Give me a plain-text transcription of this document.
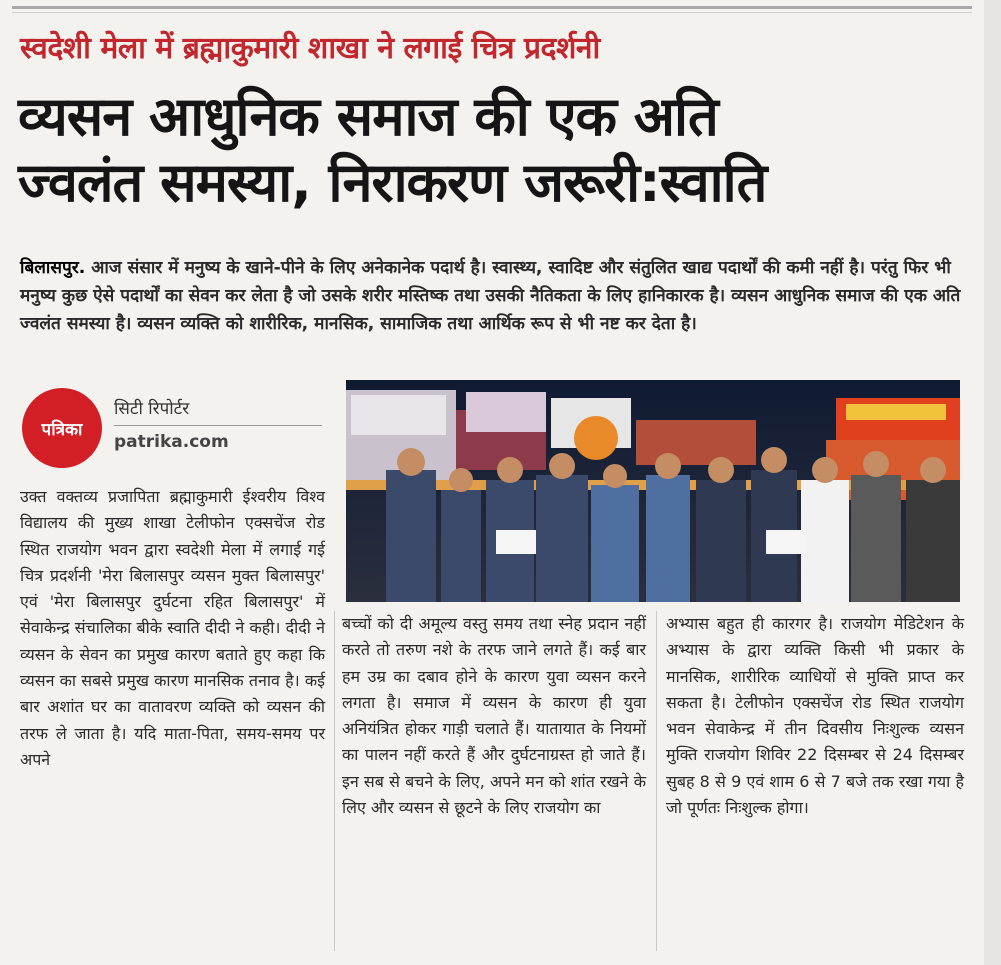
स्वदेशी मेला में ब्रह्माकुमारी शाखा ने लगाई चित्र प्रदर्शनी
व्यसन आधुनिक समाज की एक अति
ज्वलंत समस्या, निराकरण जरूरी:स्वाति
बिलासपुर. आज संसार में मनुष्य के खाने-पीने के लिए अनेकानेक पदार्थ है। स्वास्थ्य, स्वादिष्ट और संतुलित खाद्य पदार्थों की कमी नहीं है। परंतु फिर भी मनुष्य कुछ ऐसे पदार्थों का सेवन कर लेता है जो उसके शरीर मस्तिष्क तथा उसकी नैतिकता के लिए हानिकारक है। व्यसन आधुनिक समाज की एक अति ज्वलंत समस्या है। व्यसन व्यक्ति को शारीरिक, मानसिक, सामाजिक तथा आर्थिक रूप से भी नष्ट कर देता है।
पत्रिका
सिटी रिपोर्टर
patrika.com
उक्त वक्तव्य प्रजापिता ब्रह्माकुमारी ईश्वरीय विश्व विद्यालय की मुख्य शाखा टेलीफोन एक्सचेंज रोड स्थित राजयोग भवन द्वारा स्वदेशी मेला में लगाई गई चित्र प्रदर्शनी 'मेरा बिलासपुर व्यसन मुक्त बिलासपुर' एवं 'मेरा बिलासपुर दुर्घटना रहित बिलासपुर' में सेवाकेन्द्र संचालिका बीके स्वाति दीदी ने कही। दीदी ने व्यसन के सेवन का प्रमुख कारण बताते हुए कहा कि व्यसन का सबसे प्रमुख कारण मानसिक तनाव है। कई बार अशांत घर का वातावरण व्यक्ति को व्यसन की तरफ ले जाता है। यदि माता-पिता, समय-समय पर अपने
बच्चों को दी अमूल्य वस्तु समय तथा स्नेह प्रदान नहीं करते तो तरुण नशे के तरफ जाने लगते हैं। कई बार हम उम्र का दबाव होने के कारण युवा व्यसन करने लगता है। समाज में व्यसन के कारण ही युवा अनियंत्रित होकर गाड़ी चलाते हैं। यातायात के नियमों का पालन नहीं करते हैं और दुर्घटनाग्रस्त हो जाते हैं। इन सब से बचने के लिए, अपने मन को शांत रखने के लिए और व्यसन से छूटने के लिए राजयोग का
अभ्यास बहुत ही कारगर है। राजयोग मेडिटेशन के अभ्यास के द्वारा व्यक्ति किसी भी प्रकार के मानसिक, शारीरिक व्याधियों से मुक्ति प्राप्त कर सकता है। टेलीफोन एक्सचेंज रोड स्थित राजयोग भवन सेवाकेन्द्र में तीन दिवसीय निःशुल्क व्यसन मुक्ति राजयोग शिविर 22 दिसम्बर से 24 दिसम्बर सुबह 8 से 9 एवं शाम 6 से 7 बजे तक रखा गया है जो पूर्णतः निःशुल्क होगा।
